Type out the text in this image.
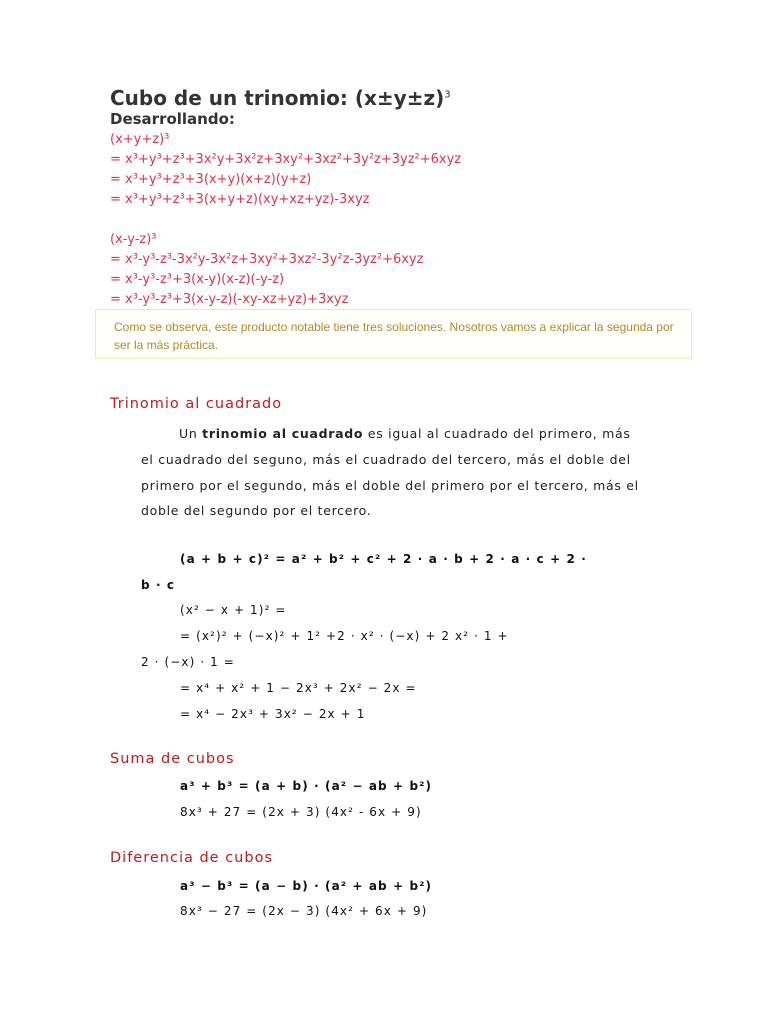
Cubo de un trinomio: $(x\pm y\pm z)^3$
Desarrollando:
(x+y+z)³
= x³+y³+z³+3x²y+3x²z+3xy²+3xz²+3y²z+3yz²+6xyz
= x³+y³+z³+3(x+y)(x+z)(y+z)
= x³+y³+z³+3(x+y+z)(xy+xz+yz)-3xyz
(x-y-z)³
= x³-y³-z³-3x²y-3x²z+3xy²+3xz²-3y²z-3yz²+6xyz
= x³-y³-z³+3(x-y)(x-z)(-y-z)
= x³-y³-z³+3(x-y-z)(-xy-xz+yz)+3xyz
Como se observa, este producto notable tiene tres soluciones. Nosotros vamos a explicar la segunda por ser la más práctica.
Trinomio al cuadrado
Un trinomio al cuadrado es igual al cuadrado del primero, más el cuadrado del seguno, más el cuadrado del tercero, más el doble del primero por el segundo, más el doble del primero por el tercero, más el doble del segundo por el tercero.
(a + b + c)² = a² + b² + c² + 2 · a · b + 2 · a · c + 2 ·
b · c
(x² − x + 1)² =
= (x²)² + (−x)² + 1² +2 · x² · (−x) + 2 x² · 1 +
2 · (−x) · 1 =
= x⁴ + x² + 1 − 2x³ + 2x² − 2x =
= x⁴ − 2x³ + 3x² − 2x + 1
Suma de cubos
a³ + b³ = (a + b) · (a² − ab + b²)
8x³ + 27 = (2x + 3) (4x² - 6x + 9)
Diferencia de cubos
a³ − b³ = (a − b) · (a² + ab + b²)
8x³ − 27 = (2x − 3) (4x² + 6x + 9)
